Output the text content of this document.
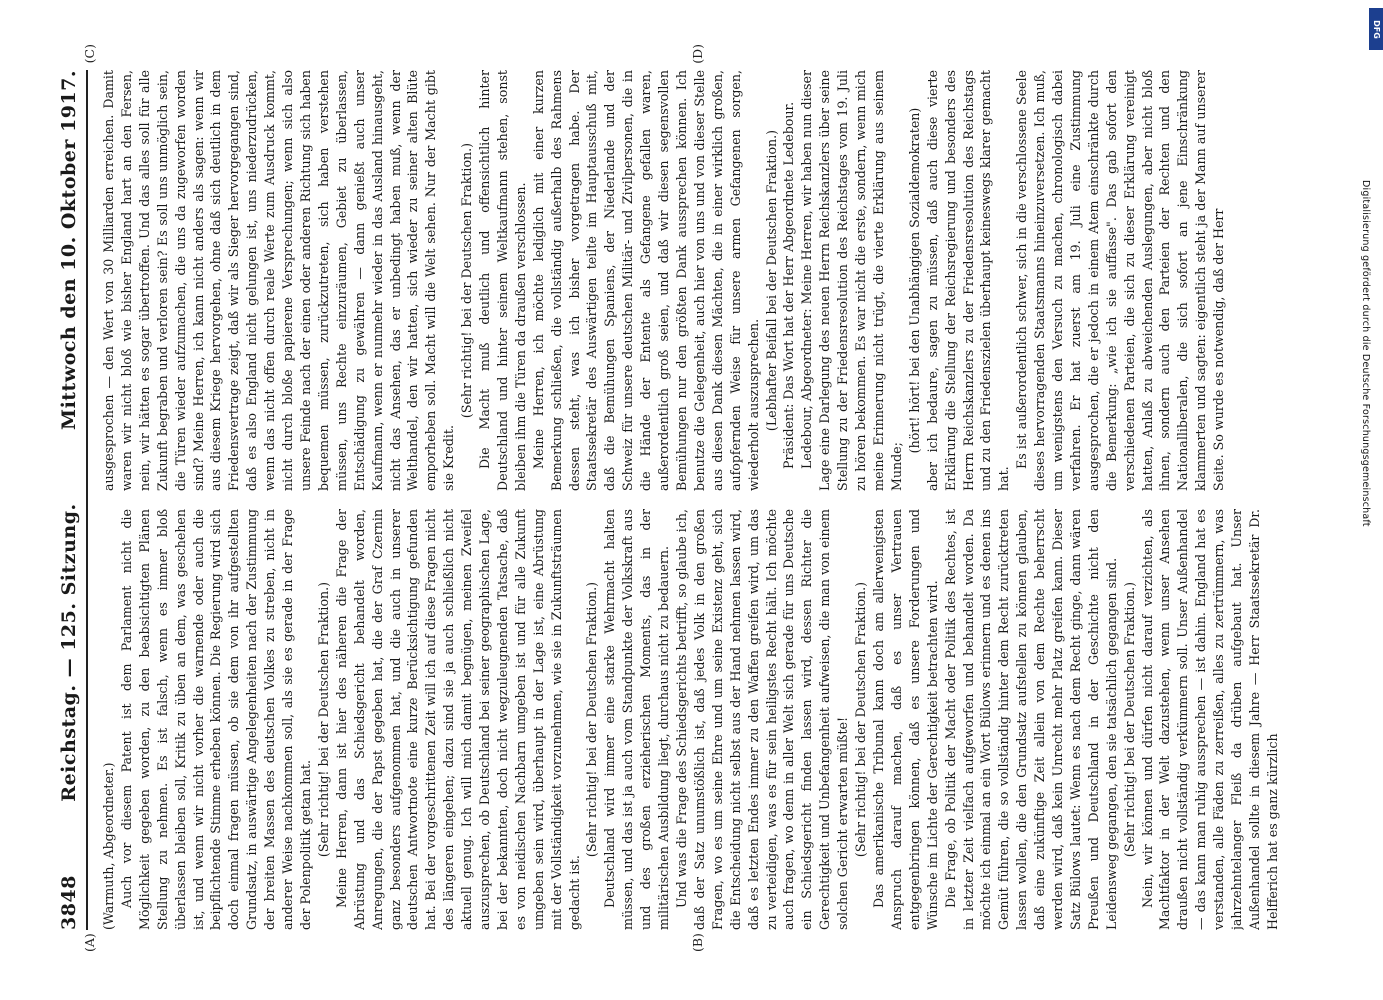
3848
Reichstag. — 125. Sitzung.
Mittwoch den 10. Oktober 1917.

(Warmuth, Abgeordneter.) Auch vor diesem Patent ist dem Parlament nicht die Möglichkeit gegeben worden, zu den beabsichtigten Plänen Stellung zu nehmen. Es ist falsch, wenn es immer bloß überlassen bleiben soll, Kritik zu üben an dem, was geschehen ist, und wenn wir nicht vorher die warnende oder auch die beipflichtende Stimme erheben können. Die Regierung wird sich doch einmal fragen müssen, ob sie dem von ihr aufgestellten Grundsatz, in auswärtige Angelegenheiten nach der Zustimmung der breiten Massen des deutschen Volkes zu streben, nicht in anderer Weise nachkommen soll, als sie es gerade in der Frage der Polenpolitik getan hat. (Sehr richtig! bei der Deutschen Fraktion.) Meine Herren, dann ist hier des näheren die Frage der Abrüstung und das Schiedsgericht behandelt worden, Anregungen, die der Papst gegeben hat, die der Graf Czernin ganz besonders aufgenommen hat, und die auch in unserer deutschen Antwortnote eine kurze Berücksichtigung gefunden hat. Bei der vorgeschrittenen Zeit will ich auf diese Fragen nicht des längeren eingehen; dazu sind sie ja auch schließlich nicht aktuell genug. Ich will mich damit begnügen, meinen Zweifel auszusprechen, ob Deutschland bei seiner geographischen Lage, bei der bekannten, doch nicht wegzuleugnenden Tatsache, daß es von neidischen Nachbarn umgeben ist und für alle Zukunft umgeben sein wird, überhaupt in der Lage ist, eine Abrüstung mit der Vollständigkeit vorzunehmen, wie sie in Zukunftsträumen gedacht ist.

(Sehr richtig! bei der Deutschen Fraktion.) Deutschland wird immer eine starke Wehrmacht halten müssen, und das ist ja auch vom Standpunkte der Volkskraft aus und des großen erzieherischen Moments, das in der militärischen Ausbildung liegt, durchaus nicht zu bedauern. Und was die Frage des Schiedsgerichts betrifft, so glaube ich, daß der Satz unumstößlich ist, daß jedes Volk in den großen Fragen, wo es um seine Ehre und um seine Existenz geht, sich die Entscheidung nicht selbst aus der Hand nehmen lassen wird, daß es letzten Endes immer zu den Waffen greifen wird, um das zu verteidigen, was es für sein heiligstes Recht hält. Ich möchte auch fragen, wo denn in aller Welt sich gerade für uns Deutsche ein Schiedsgericht finden lassen wird, dessen Richter die Gerechtigkeit und Unbefangenheit aufweisen, die man von einem solchen Gericht erwarten müßte! (Sehr richtig! bei der Deutschen Fraktion.) Das amerikanische Tribunal kann doch am allerwenigsten Anspruch darauf machen, daß es unser Vertrauen entgegenbringen können, daß es unsere Forderungen und Wünsche im Lichte der Gerechtigkeit betrachten wird. Die Frage, ob Politik der Macht oder Politik des Rechtes, ist in letzter Zeit vielfach aufgeworfen und behandelt worden. Da möchte ich einmal an ein Wort Bülows erinnern und es denen ins Gemüt führen, die so vollständig hinter dem Recht zurücktreten lassen wollen, die den Grundsatz aufstellen zu können glauben, daß eine zukünftige Zeit allein von dem Rechte beherrscht werden wird, daß kein Unrecht mehr Platz greifen kann. Dieser Satz Bülows lautet: Wenn es nach dem Recht ginge, dann wären Preußen und Deutschland in der Geschichte nicht den Leidensweg gegangen, den sie tatsächlich gegangen sind. (Sehr richtig! bei der Deutschen Fraktion.) Nein, wir können und dürfen nicht darauf verzichten, als Machtfaktor in der Welt dazustehen, wenn unser Ansehen draußen nicht vollständig verkümmern soll. Unser Außenhandel — das kann man ruhig aussprechen — ist dahin. England hat es verstanden, alle Fäden zu zerreißen, alles zu zertrümmern, was jahrzehntelanger Fleiß da drüben aufgebaut hat. Unser Außenhandel sollte in diesem Jahre — Herr Staatssekretär Dr. Helfferich hat es ganz kürzlich

ausgesprochen — den Wert von 30 Milliarden erreichen. Damit waren wir nicht bloß wie bisher England hart an den Fersen, nein, wir hätten es sogar übertroffen. Und das alles soll für alle Zukunft begraben und verloren sein? Es soll uns unmöglich sein, die Türen wieder aufzumachen, die uns da zugeworfen worden sind? Meine Herren, ich kann nicht anders als sagen: wenn wir aus diesem Kriege hervorgehen, ohne daß sich deutlich in dem Friedensvertrage zeigt, daß wir als Sieger hervorgegangen sind, daß es also England nicht gelungen ist, uns niederzudrücken, wenn das nicht offen durch reale Werte zum Ausdruck kommt, nicht durch bloße papierene Versprechungen; wenn sich also unsere Feinde nach der einen oder anderen Richtung sich haben bequemen müssen, zurückzutreten, sich haben verstehen müssen, uns Rechte einzuräumen, Gebiet zu überlassen, Entschädigung zu gewähren — dann genießt auch unser Kaufmann, wenn er nunmehr wieder in das Ausland hinausgeht, nicht das Ansehen, das er unbedingt haben muß, wenn der Welthandel, den wir hatten, sich wieder zu seiner alten Blüte emporheben soll. Macht will die Welt sehen. Nur der Macht gibt sie Kredit.

(Sehr richtig! bei der Deutschen Fraktion.) Die Macht muß deutlich und offensichtlich hinter Deutschland und hinter seinem Weltkaufmann stehen, sonst bleiben ihm die Türen da draußen verschlossen. Meine Herren, ich möchte lediglich mit einer kurzen Bemerkung schließen, die vollständig außerhalb des Rahmens dessen steht, was ich bisher vorgetragen habe. Der Staatssekretär des Auswärtigen teilte im Hauptausschuß mit, daß die Bemühungen Spaniens, der Niederlande und der Schweiz für unsere deutschen Militär- und Zivilpersonen, die in die Hände der Entente als Gefangene gefallen waren, außerordentlich groß seien, und daß wir diesen segensvollen Bemühungen nur den größten Dank aussprechen können. Ich benutze die Gelegenheit, auch hier von uns und von dieser Stelle aus diesen Dank diesen Mächten, die in einer wirklich großen, aufopfernden Weise für unsere armen Gefangenen sorgen, wiederholt auszusprechen. (Lebhafter Beifall bei der Deutschen Fraktion.) Präsident: Das Wort hat der Herr Abgeordnete Ledebour. Ledebour, Abgeordneter: Meine Herren, wir haben nun dieser Lage eine Darlegung des neuen Herrn Reichskanzlers über seine Stellung zu der Friedensresolution des Reichstages vom 19. Juli zu hören bekommen. Es war nicht die erste, sondern, wenn mich meine Erinnerung nicht trügt, die vierte Erklärung aus seinem Munde;

(hört! hört! bei den Unabhängigen Sozialdemokraten) aber ich bedaure, sagen zu müssen, daß auch diese vierte Erklärung die Stellung der Reichsregierung und besonders des Herrn Reichskanzlers zu der Friedensresolution des Reichstags und zu den Friedenszielen überhaupt keineswegs klarer gemacht hat.

Es ist außerordentlich schwer, sich in die verschlossene Seele dieses hervorragenden Staatsmanns hineinzuversetzen. Ich muß, um wenigstens den Versuch zu machen, chronologisch dabei verfahren. Er hat zuerst am 19. Juli eine Zustimmung ausgesprochen, die er jedoch in einem Atem einschränkte durch die Bemerkung: „wie ich sie auffasse". Das gab sofort den verschiedenen Parteien, die sich zu dieser Erklärung vereinigt hatten, Anlaß zu abweichenden Auslegungen, aber nicht bloß ihnen, sondern auch den Parteien der Rechten und den Nationalliberalen, die sich sofort an jene Einschränkung klammerten und sagten: eigentlich steht ja der Mann auf unserer Seite. So wurde es notwendig, daß der Herr

(A)	(B)
(C)	(D)
DFG
Digitalisierung gefördert durch die Deutsche Forschungsgemeinschaft
